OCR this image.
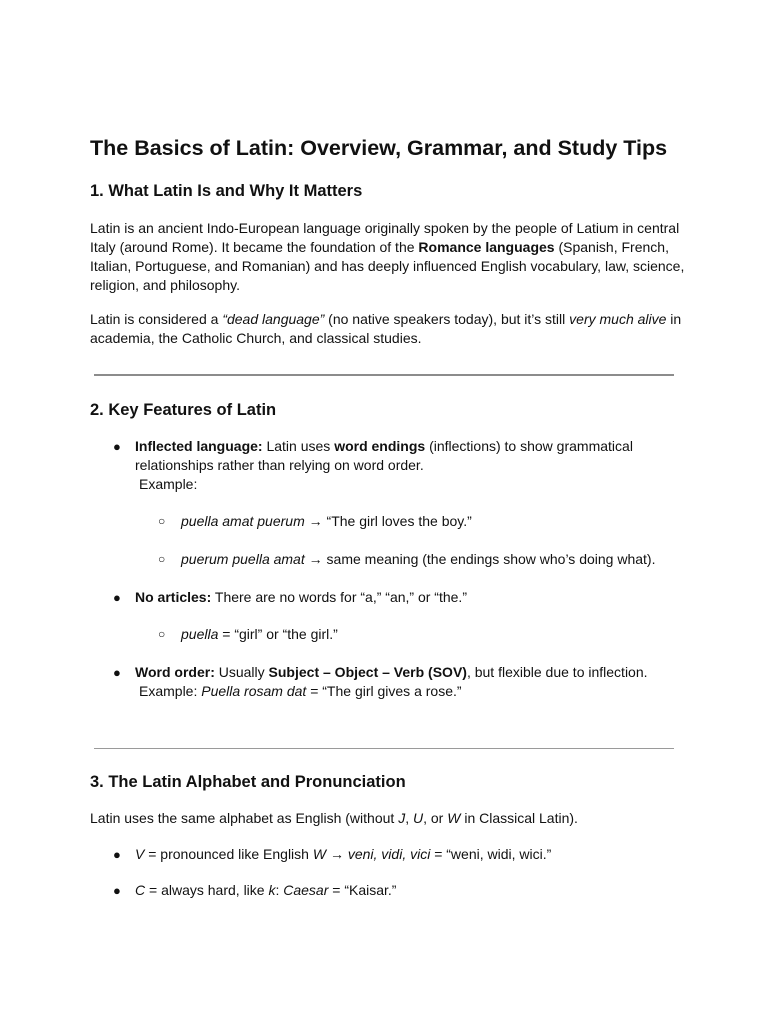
The Basics of Latin: Overview, Grammar, and Study Tips
1. What Latin Is and Why It Matters

Latin is an ancient Indo-European language originally spoken by the people of Latium in central Italy (around Rome). It became the foundation of the Romance languages (Spanish, French, Italian, Portuguese, and Romanian) and has deeply influenced English vocabulary, law, science, religion, and philosophy.

Latin is considered a “dead language” (no native speakers today), but it’s still very much alive in academia, the Catholic Church, and classical studies.

2. Key Features of Latin
● Inflected language: Latin uses word endings (inflections) to show grammatical relationships rather than relying on word order.
Example:
○ puella amat puerum → “The girl loves the boy.”
○ puerum puella amat → same meaning (the endings show who’s doing what).
● No articles: There are no words for “a,” “an,” or “the.”
○ puella = “girl” or “the girl.”
● Word order: Usually Subject – Object – Verb (SOV), but flexible due to inflection.
Example: Puella rosam dat = “The girl gives a rose.”
3. The Latin Alphabet and Pronunciation

Latin uses the same alphabet as English (without J, U, or W in Classical Latin).

● V = pronounced like English W → veni, vidi, vici = “weni, widi, wici.”
● C = always hard, like k: Caesar = “Kaisar.”
